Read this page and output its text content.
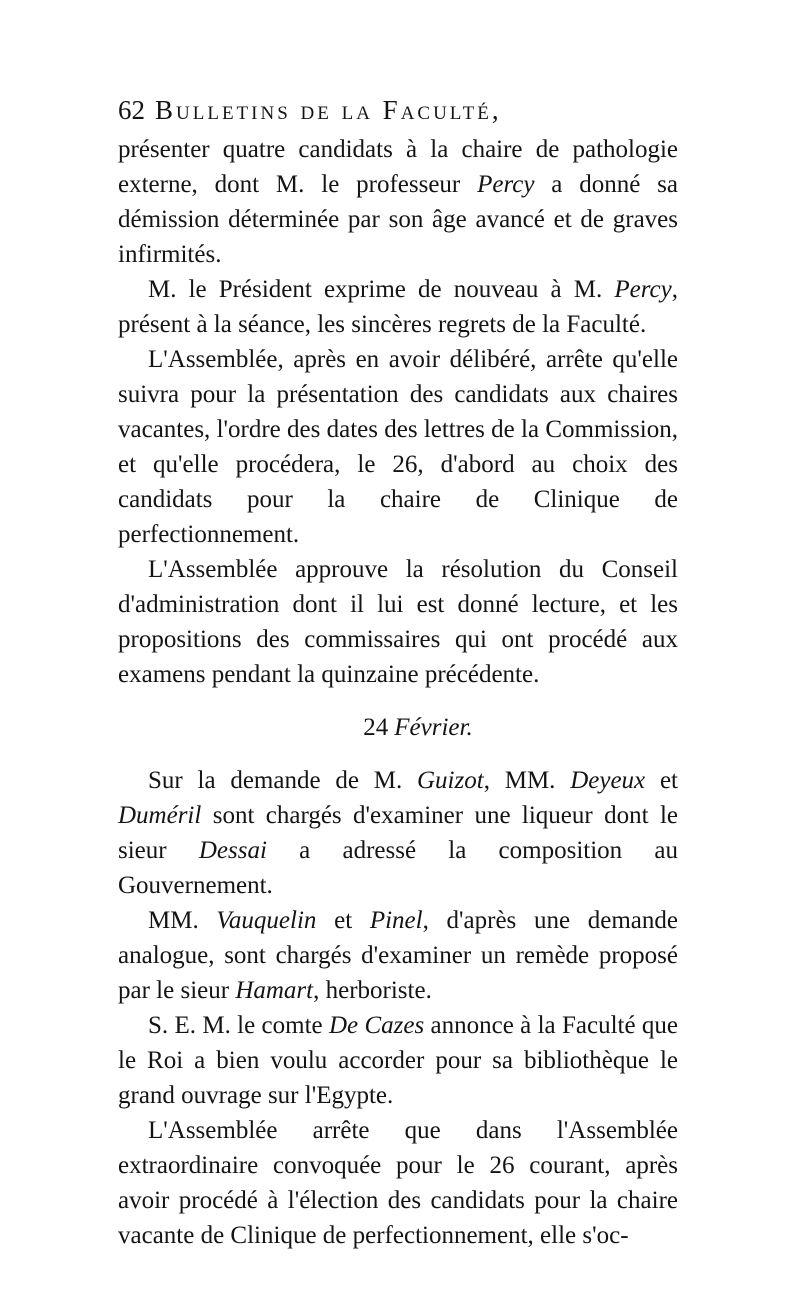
62 Bulletins de la Faculté,

présenter quatre candidats à la chaire de pathologie externe, dont M. le professeur Percy a donné sa démission déterminée par son âge avancé et de graves infirmités.

M. le Président exprime de nouveau à M. Percy, présent à la séance, les sincères regrets de la Faculté.

L'Assemblée, après en avoir délibéré, arrête qu'elle suivra pour la présentation des candidats aux chaires vacantes, l'ordre des dates des lettres de la Commission, et qu'elle procédera, le 26, d'abord au choix des candidats pour la chaire de Clinique de perfectionnement.

L'Assemblée approuve la résolution du Conseil d'administration dont il lui est donné lecture, et les propositions des commissaires qui ont procédé aux examens pendant la quinzaine précédente.

24 Février.

Sur la demande de M. Guizot, MM. Deyeux et Duméril sont chargés d'examiner une liqueur dont le sieur Dessai a adressé la composition au Gouvernement.

MM. Vauquelin et Pinel, d'après une demande analogue, sont chargés d'examiner un remède proposé par le sieur Hamart, herboriste.

S. E. M. le comte De Cazes annonce à la Faculté que le Roi a bien voulu accorder pour sa bibliothèque le grand ouvrage sur l'Egypte.

L'Assemblée arrête que dans l'Assemblée extraordinaire convoquée pour le 26 courant, après avoir procédé à l'élection des candidats pour la chaire vacante de Clinique de perfectionnement, elle s'oc-
